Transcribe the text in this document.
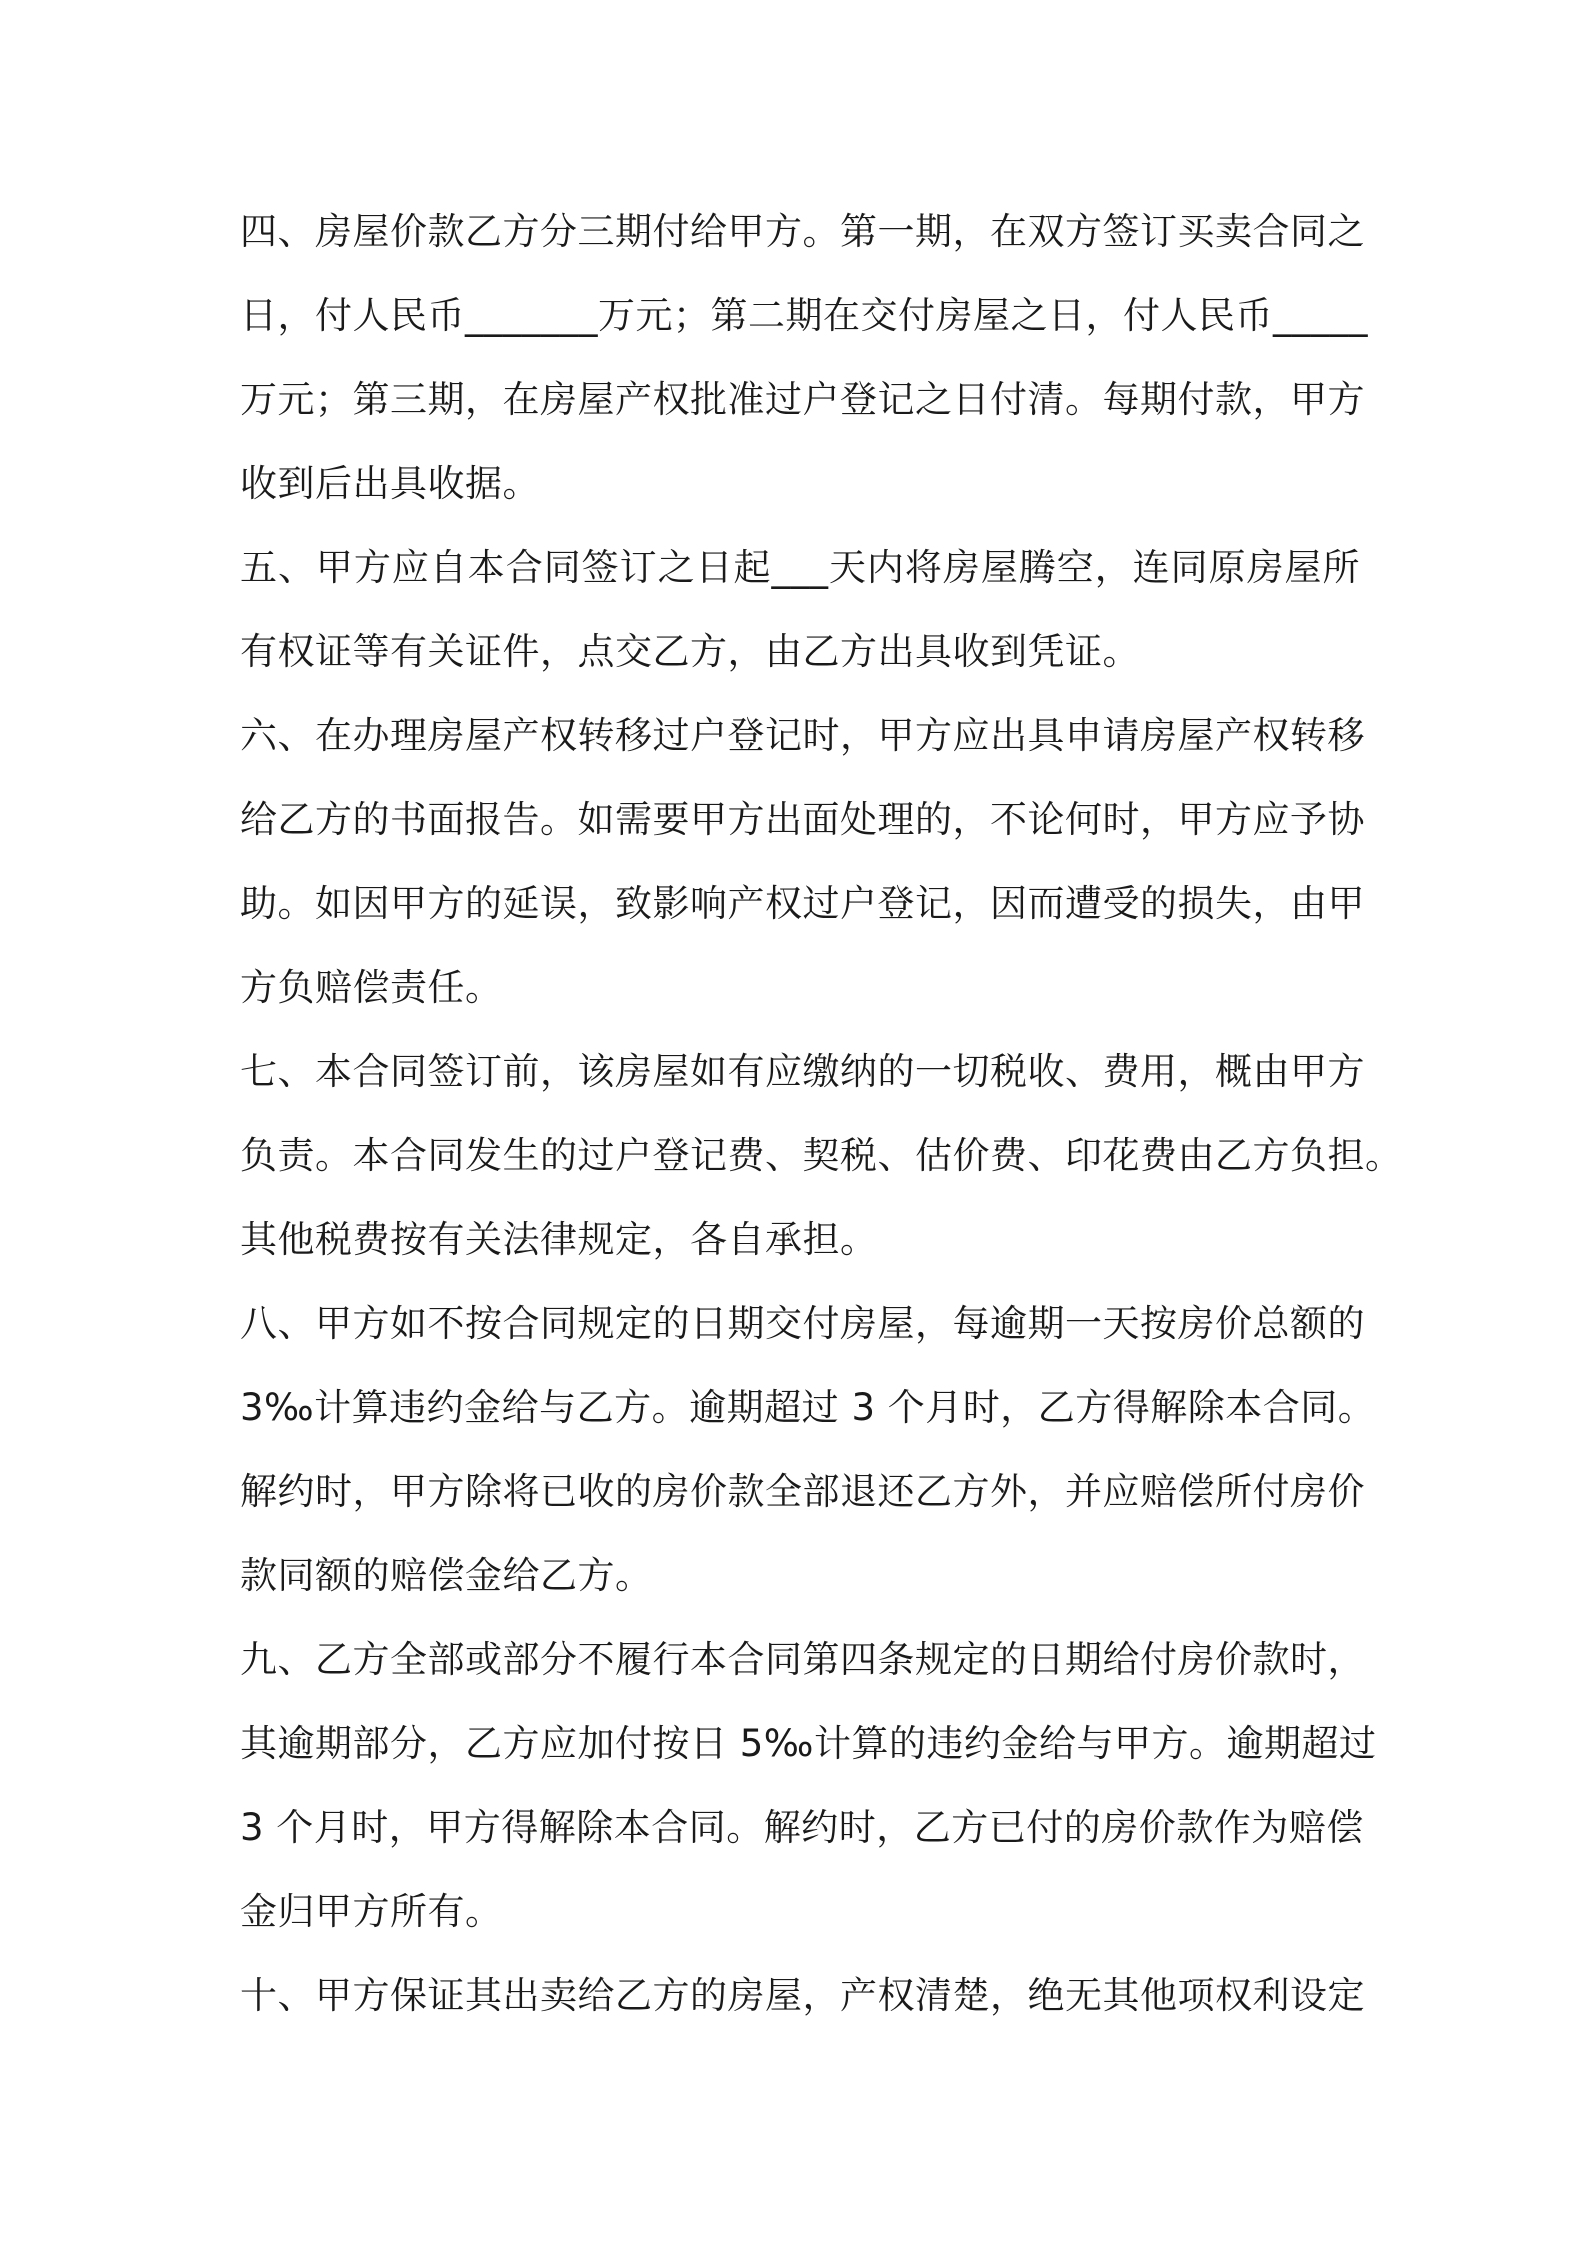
四、房屋价款乙方分三期付给甲方。第一期，在双方签订买卖合同之
日，付人民币_______万元；第二期在交付房屋之日，付人民币_____
万元；第三期，在房屋产权批准过户登记之日付清。每期付款，甲方
收到后出具收据。
五、甲方应自本合同签订之日起___天内将房屋腾空，连同原房屋所
有权证等有关证件，点交乙方，由乙方出具收到凭证。
六、在办理房屋产权转移过户登记时，甲方应出具申请房屋产权转移
给乙方的书面报告。如需要甲方出面处理的，不论何时，甲方应予协
助。如因甲方的延误，致影响产权过户登记，因而遭受的损失，由甲
方负赔偿责任。
七、本合同签订前，该房屋如有应缴纳的一切税收、费用，概由甲方
负责。本合同发生的过户登记费、契税、估价费、印花费由乙方负担。
其他税费按有关法律规定，各自承担。
八、甲方如不按合同规定的日期交付房屋，每逾期一天按房价总额的
3‰计算违约金给与乙方。逾期超过 3 个月时，乙方得解除本合同。
解约时，甲方除将已收的房价款全部退还乙方外，并应赔偿所付房价
款同额的赔偿金给乙方。
九、乙方全部或部分不履行本合同第四条规定的日期给付房价款时，
其逾期部分，乙方应加付按日 5‰计算的违约金给与甲方。逾期超过
3 个月时，甲方得解除本合同。解约时，乙方已付的房价款作为赔偿
金归甲方所有。
十、甲方保证其出卖给乙方的房屋，产权清楚，绝无其他项权利设定
